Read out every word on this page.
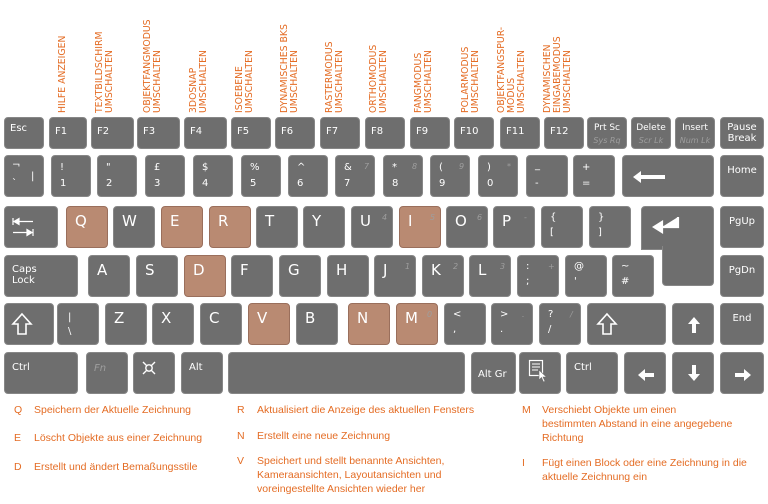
HILFE ANZEIGEN	TEXTBILDSCHIRM
UMSCHALTEN	OBJEKTFANGMODUS
UMSCHALTEN	3DOSNAP
UMSCHALTEN	ISOEBENE
UMSCHALTEN	DYNAMISCHES BKS
UMSCHALTEN	RASTERMODUS
UMSCHALTEN ORTHOMODUS
UMSCHALTEN	FANGMODUS
UMSCHALTEN	POLARMODUS
UMSCHALTEN OBJEKTFANGSPUR-
MODUS
UMSCHALTEN DYNAMISCHEN
EINGABEMODUS
UMSCHALTEN
Esc	F1	F2	F3	F4	F5	F6	F7	F8	F9	F10	F11	F12	Prt Sc
Sys Rq
Delete
Scr Lk
Insert
Num Lk
Pause
Break
¬
`
|
!
1
"
2
£
3
$
4
%
5
^
6
&
7
7 *
8
8 (
9
9 )
0
* _
-
+
=
Home
Q W E	R T	Y	U 4 I 5 O 6 P - {
[
}
]
PgUp
Caps
Lock
A	S	D F	G H J 1 K 2 L 3 :
;
+ @
'
~
#
PgDn
|
\
Z X	C	V	B	N M 0 <
,
>
.
. ?
/
/	End
Ctrl	Fn	Alt
Alt Gr
Ctrl
Q Speichern der Aktuelle Zeichnung
E Löscht Objekte aus einer Zeichnung
D Erstellt und ändert Bemaßungsstile
R Aktualisiert die Anzeige des aktuellen Fensters
N Erstellt eine neue Zeichnung
V Speichert und stellt benannte Ansichten,
Kameraansichten, Layoutansichten und
voreingestellte Ansichten wieder her
M Verschiebt Objekte um einen
bestimmten Abstand in eine angegebene
Richtung
I Fügt einen Block oder eine Zeichnung in die
aktuelle Zeichnung ein
